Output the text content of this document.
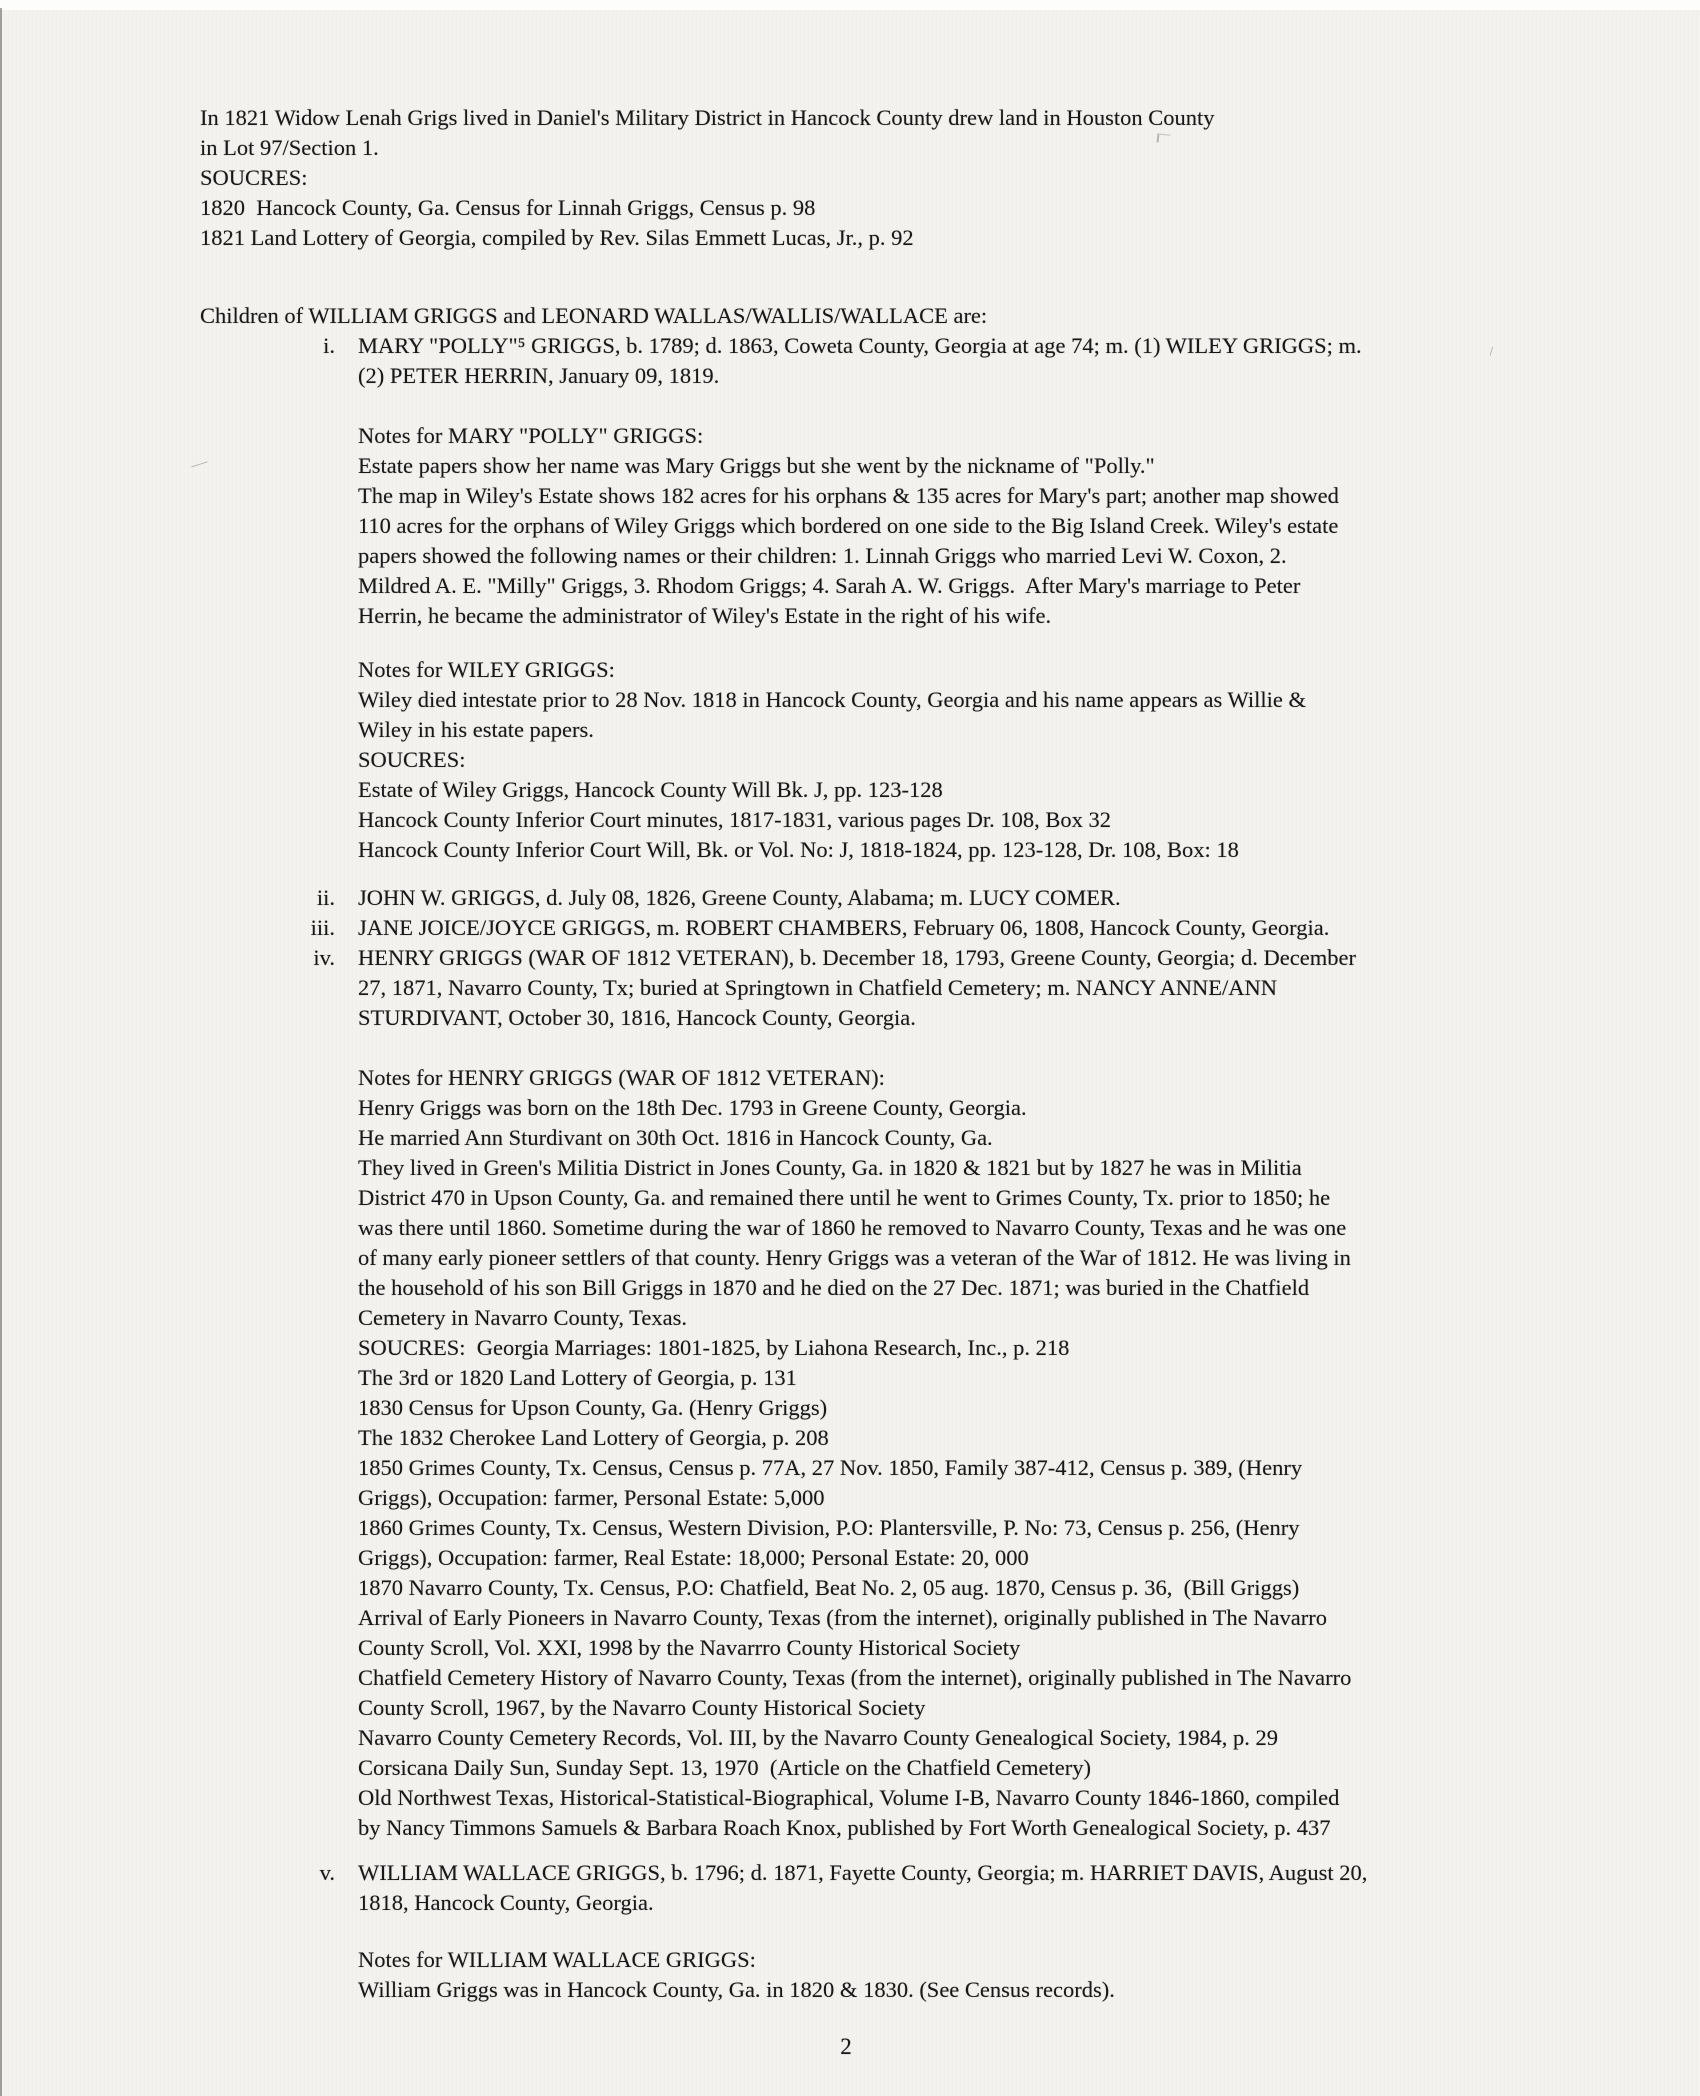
In 1821 Widow Lenah Grigs lived in Daniel's Military District in Hancock County drew land in Houston County
in Lot 97/Section 1.
SOUCRES:
1820  Hancock County, Ga. Census for Linnah Griggs, Census p. 98
1821 Land Lottery of Georgia, compiled by Rev. Silas Emmett Lucas, Jr., p. 92
Children of WILLIAM GRIGGS and LEONARD WALLAS/WALLIS/WALLACE are:
i. MARY "POLLY"⁵ GRIGGS, b. 1789; d. 1863, Coweta County, Georgia at age 74; m. (1) WILEY GRIGGS; m.
(2) PETER HERRIN, January 09, 1819.
Notes for MARY "POLLY" GRIGGS:
Estate papers show her name was Mary Griggs but she went by the nickname of "Polly."
The map in Wiley's Estate shows 182 acres for his orphans & 135 acres for Mary's part; another map showed
110 acres for the orphans of Wiley Griggs which bordered on one side to the Big Island Creek. Wiley's estate
papers showed the following names or their children: 1. Linnah Griggs who married Levi W. Coxon, 2.
Mildred A. E. "Milly" Griggs, 3. Rhodom Griggs; 4. Sarah A. W. Griggs.  After Mary's marriage to Peter
Herrin, he became the administrator of Wiley's Estate in the right of his wife.
Notes for WILEY GRIGGS:
Wiley died intestate prior to 28 Nov. 1818 in Hancock County, Georgia and his name appears as Willie &
Wiley in his estate papers.
SOUCRES:
Estate of Wiley Griggs, Hancock County Will Bk. J, pp. 123-128
Hancock County Inferior Court minutes, 1817-1831, various pages Dr. 108, Box 32
Hancock County Inferior Court Will, Bk. or Vol. No: J, 1818-1824, pp. 123-128, Dr. 108, Box: 18
ii. JOHN W. GRIGGS, d. July 08, 1826, Greene County, Alabama; m. LUCY COMER.
iii. JANE JOICE/JOYCE GRIGGS, m. ROBERT CHAMBERS, February 06, 1808, Hancock County, Georgia.
iv. HENRY GRIGGS (WAR OF 1812 VETERAN), b. December 18, 1793, Greene County, Georgia; d. December
27, 1871, Navarro County, Tx; buried at Springtown in Chatfield Cemetery; m. NANCY ANNE/ANN
STURDIVANT, October 30, 1816, Hancock County, Georgia.
Notes for HENRY GRIGGS (WAR OF 1812 VETERAN):
Henry Griggs was born on the 18th Dec. 1793 in Greene County, Georgia.
He married Ann Sturdivant on 30th Oct. 1816 in Hancock County, Ga.
They lived in Green's Militia District in Jones County, Ga. in 1820 & 1821 but by 1827 he was in Militia
District 470 in Upson County, Ga. and remained there until he went to Grimes County, Tx. prior to 1850; he
was there until 1860. Sometime during the war of 1860 he removed to Navarro County, Texas and he was one
of many early pioneer settlers of that county. Henry Griggs was a veteran of the War of 1812. He was living in
the household of his son Bill Griggs in 1870 and he died on the 27 Dec. 1871; was buried in the Chatfield
Cemetery in Navarro County, Texas.
SOUCRES:  Georgia Marriages: 1801-1825, by Liahona Research, Inc., p. 218
The 3rd or 1820 Land Lottery of Georgia, p. 131
1830 Census for Upson County, Ga. (Henry Griggs)
The 1832 Cherokee Land Lottery of Georgia, p. 208
1850 Grimes County, Tx. Census, Census p. 77A, 27 Nov. 1850, Family 387-412, Census p. 389, (Henry
Griggs), Occupation: farmer, Personal Estate: 5,000
1860 Grimes County, Tx. Census, Western Division, P.O: Plantersville, P. No: 73, Census p. 256, (Henry
Griggs), Occupation: farmer, Real Estate: 18,000; Personal Estate: 20, 000
1870 Navarro County, Tx. Census, P.O: Chatfield, Beat No. 2, 05 aug. 1870, Census p. 36,  (Bill Griggs)
Arrival of Early Pioneers in Navarro County, Texas (from the internet), originally published in The Navarro
County Scroll, Vol. XXI, 1998 by the Navarrro County Historical Society
Chatfield Cemetery History of Navarro County, Texas (from the internet), originally published in The Navarro
County Scroll, 1967, by the Navarro County Historical Society
Navarro County Cemetery Records, Vol. III, by the Navarro County Genealogical Society, 1984, p. 29
Corsicana Daily Sun, Sunday Sept. 13, 1970  (Article on the Chatfield Cemetery)
Old Northwest Texas, Historical-Statistical-Biographical, Volume I-B, Navarro County 1846-1860, compiled
by Nancy Timmons Samuels & Barbara Roach Knox, published by Fort Worth Genealogical Society, p. 437
v. WILLIAM WALLACE GRIGGS, b. 1796; d. 1871, Fayette County, Georgia; m. HARRIET DAVIS, August 20,
1818, Hancock County, Georgia.
Notes for WILLIAM WALLACE GRIGGS:
William Griggs was in Hancock County, Ga. in 1820 & 1830. (See Census records).
2
